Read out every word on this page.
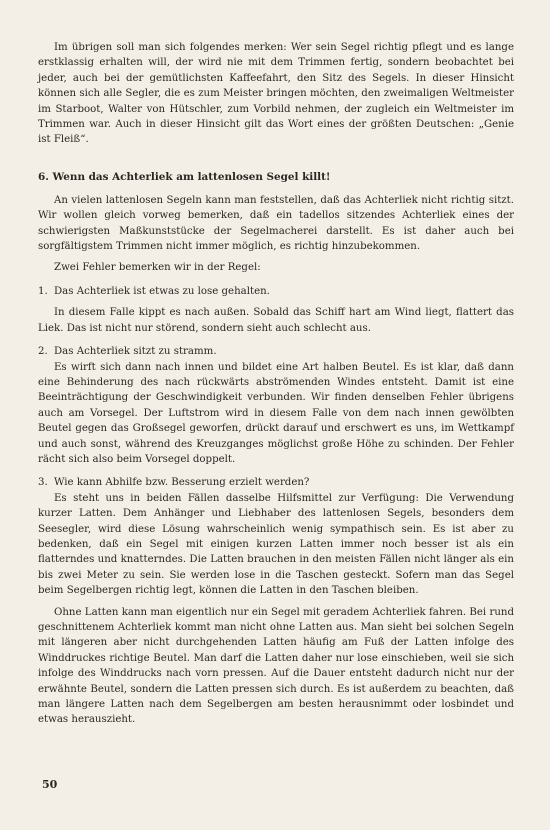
Im übrigen soll man sich folgendes merken: Wer sein Segel richtig pflegt und es lange erstklassig erhalten will, der wird nie mit dem Trimmen fertig, sondern beobachtet bei jeder, auch bei der gemütlichsten Kaffeefahrt, den Sitz des Segels. In dieser Hinsicht können sich alle Segler, die es zum Meister bringen möchten, den zweimaligen Weltmeister im Starboot, Walter von Hütschler, zum Vorbild nehmen, der zugleich ein Weltmeister im Trimmen war. Auch in dieser Hinsicht gilt das Wort eines der größten Deutschen: „Genie ist Fleiß“.

6. Wenn das Achterliek am lattenlosen Segel killt!

An vielen lattenlosen Segeln kann man feststellen, daß das Achterliek nicht richtig sitzt. Wir wollen gleich vorweg bemerken, daß ein tadellos sitzendes Achterliek eines der schwierigsten Maßkunststücke der Segelmacherei darstellt. Es ist daher auch bei sorgfältigstem Trimmen nicht immer möglich, es richtig hinzubekommen.

Zwei Fehler bemerken wir in der Regel:

1. Das Achterliek ist etwas zu lose gehalten.

In diesem Falle kippt es nach außen. Sobald das Schiff hart am Wind liegt, flattert das Liek. Das ist nicht nur störend, sondern sieht auch schlecht aus.

2. Das Achterliek sitzt zu stramm.

Es wirft sich dann nach innen und bildet eine Art halben Beutel. Es ist klar, daß dann eine Behinderung des nach rückwärts abströmenden Windes entsteht. Damit ist eine Beeinträchtigung der Geschwindigkeit verbunden. Wir finden denselben Fehler übrigens auch am Vorsegel. Der Luftstrom wird in diesem Falle von dem nach innen gewölbten Beutel gegen das Großsegel geworfen, drückt darauf und erschwert es uns, im Wettkampf und auch sonst, während des Kreuzganges möglichst große Höhe zu schinden. Der Fehler rächt sich also beim Vorsegel doppelt.

3. Wie kann Abhilfe bzw. Besserung erzielt werden?

Es steht uns in beiden Fällen dasselbe Hilfsmittel zur Verfügung: Die Verwendung kurzer Latten. Dem Anhänger und Liebhaber des lattenlosen Segels, besonders dem Seesegler, wird diese Lösung wahrscheinlich wenig sympathisch sein. Es ist aber zu bedenken, daß ein Segel mit einigen kurzen Latten immer noch besser ist als ein flatterndes und knatterndes. Die Latten brauchen in den meisten Fällen nicht länger als ein bis zwei Meter zu sein. Sie werden lose in die Taschen gesteckt. Sofern man das Segel beim Segelbergen richtig legt, können die Latten in den Taschen bleiben.

Ohne Latten kann man eigentlich nur ein Segel mit geradem Achterliek fahren. Bei rund geschnittenem Achterliek kommt man nicht ohne Latten aus. Man sieht bei solchen Segeln mit längeren aber nicht durchgehenden Latten häufig am Fuß der Latten infolge des Winddruckes richtige Beutel. Man darf die Latten daher nur lose einschieben, weil sie sich infolge des Winddrucks nach vorn pressen. Auf die Dauer entsteht dadurch nicht nur der erwähnte Beutel, sondern die Latten pressen sich durch. Es ist außerdem zu beachten, daß man längere Latten nach dem Segelbergen am besten herausnimmt oder losbindet und etwas herauszieht.

50
